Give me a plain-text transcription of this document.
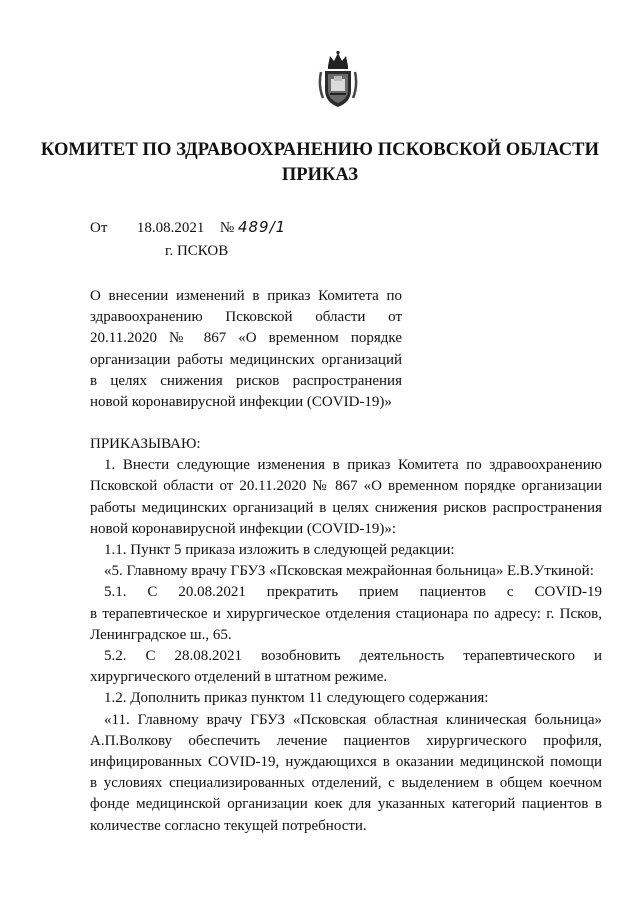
КОМИТЕТ ПО ЗДРАВООХРАНЕНИЮ ПСКОВСКОЙ ОБЛАСТИ
ПРИКАЗ
От 18.08.2021 № 489/1
г. ПСКОВ
О внесении изменений в приказ Комитета по
здравоохранению Псковской области от
20.11.2020 № 867 «О временном порядке
организации работы медицинских организаций
в целях снижения рисков распространения
новой коронавирусной инфекции (COVID-19)»
ПРИКАЗЫВАЮ:
1. Внести следующие изменения в приказ Комитета по здравоохранению
Псковской области от 20.11.2020 № 867 «О временном порядке организации
работы медицинских организаций в целях снижения рисков распространения
новой коронавирусной инфекции (COVID-19)»:
1.1. Пункт 5 приказа изложить в следующей редакции:
«5. Главному врачу ГБУЗ «Псковская межрайонная больница» Е.В.Уткиной:
5.1. С 20.08.2021 прекратить прием пациентов с COVID-19
в терапевтическое и хирургическое отделения стационара по адресу: г. Псков,
Ленинградское ш., 65.
5.2. С 28.08.2021 возобновить деятельность терапевтического и
хирургического отделений в штатном режиме.
1.2. Дополнить приказ пунктом 11 следующего содержания:
«11. Главному врачу ГБУЗ «Псковская областная клиническая больница»
А.П.Волкову обеспечить лечение пациентов хирургического профиля,
инфицированных COVID-19, нуждающихся в оказании медицинской помощи
в условиях специализированных отделений, с выделением в общем коечном
фонде медицинской организации коек для указанных категорий пациентов в
количестве согласно текущей потребности.
